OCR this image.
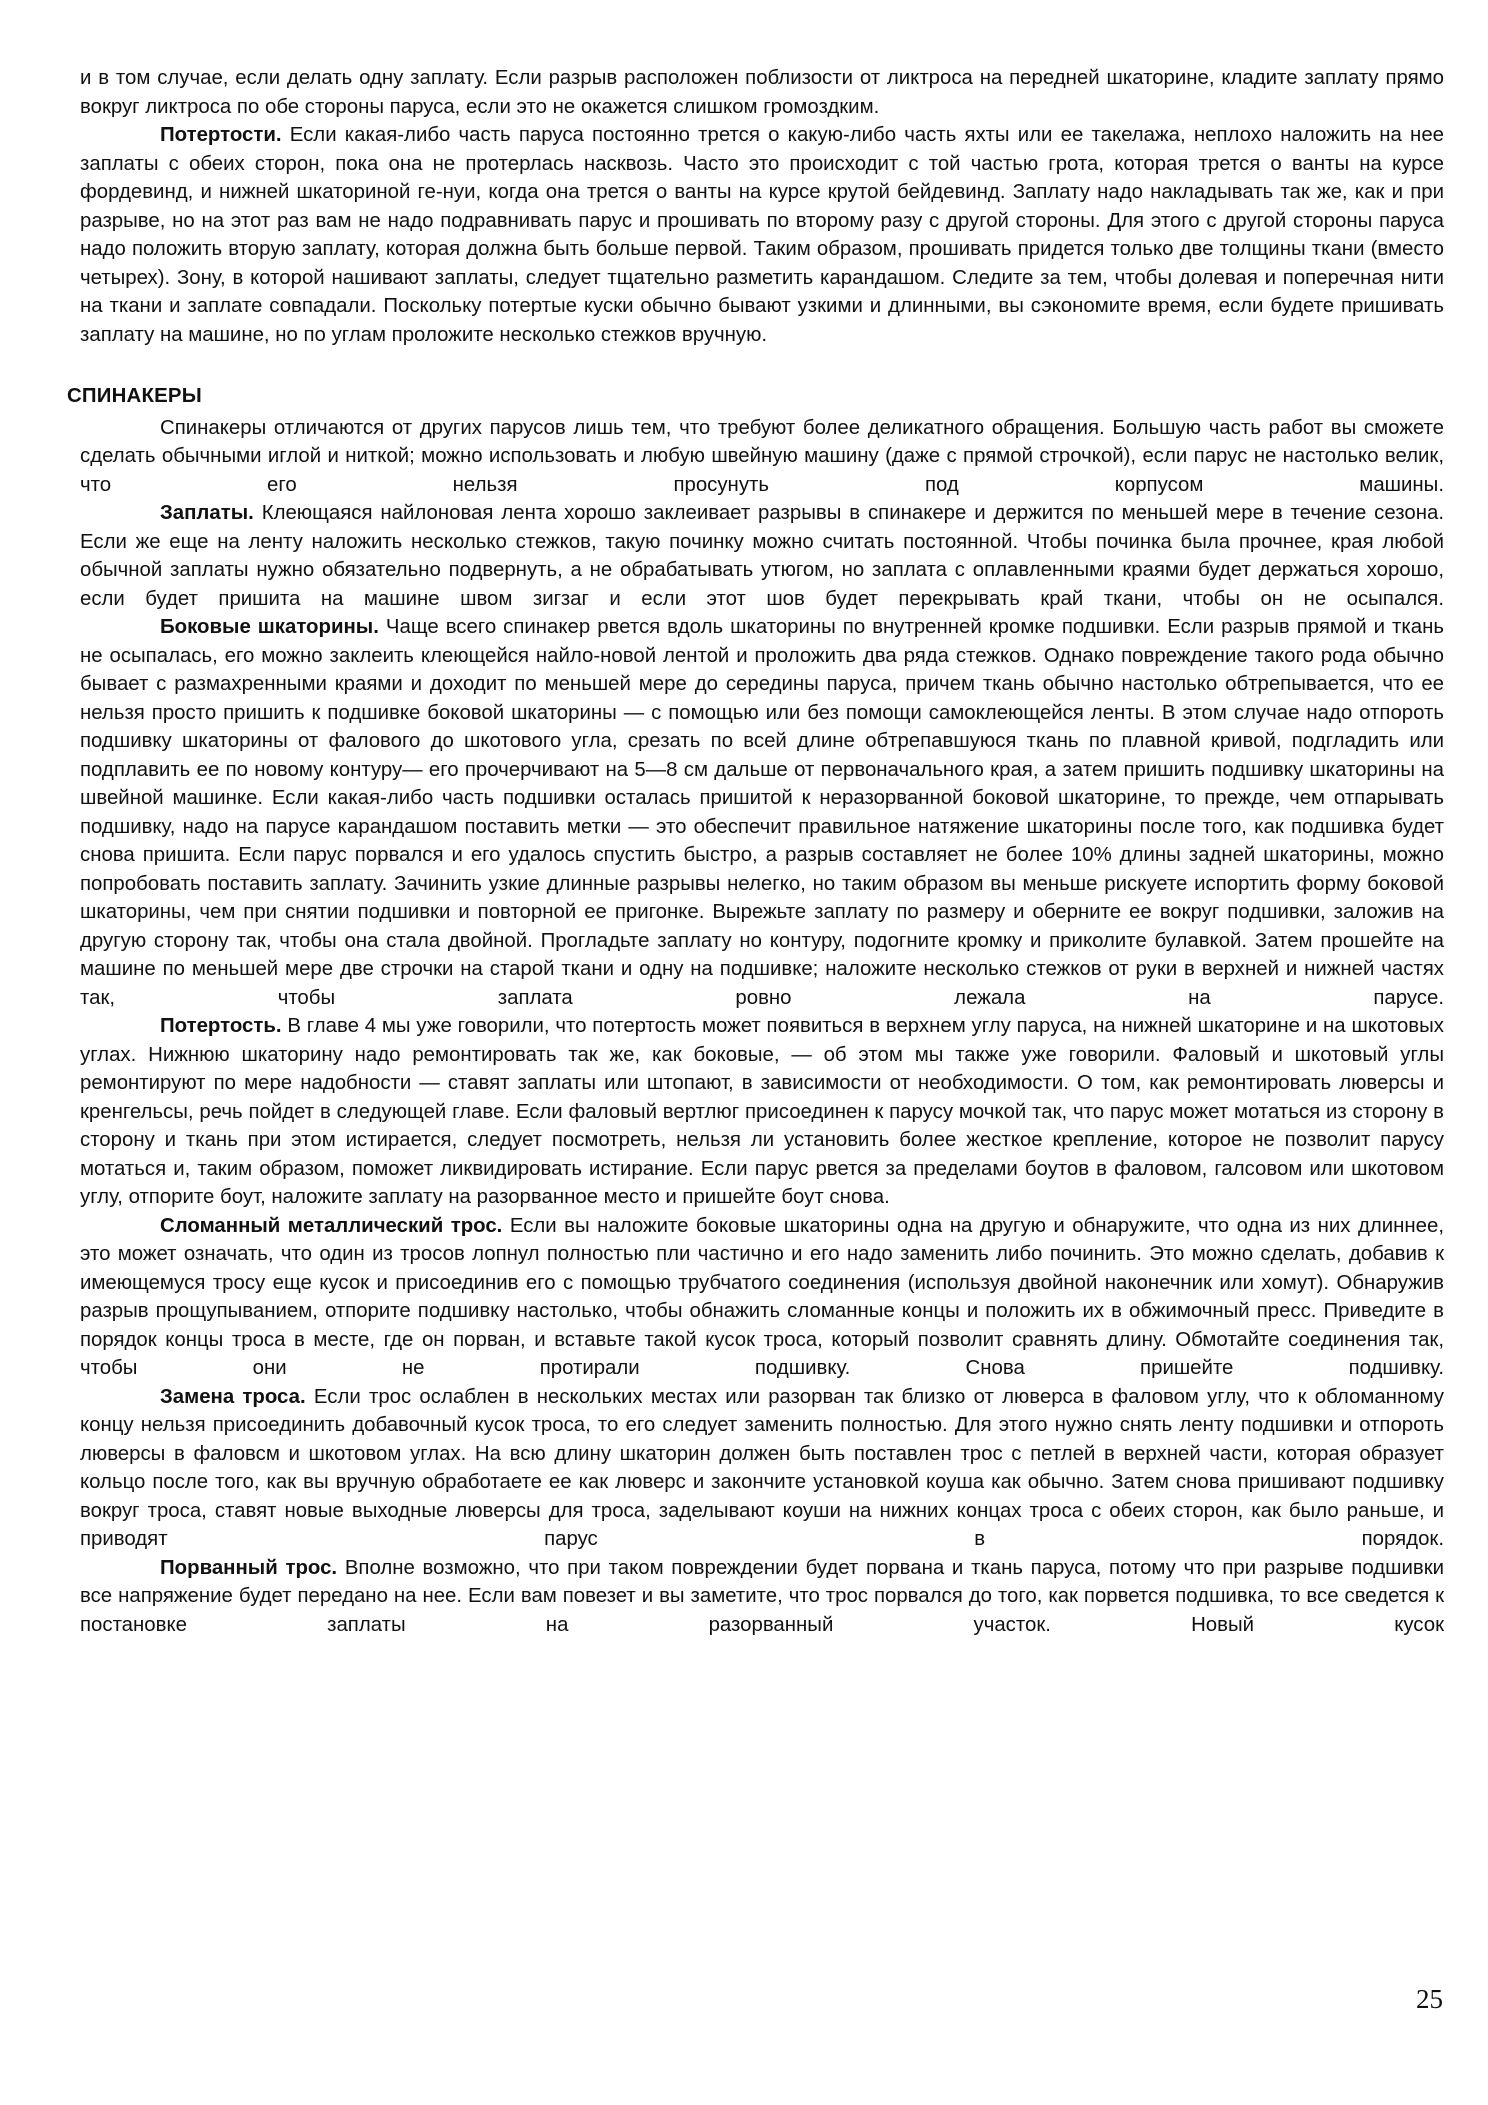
и в том случае, если делать одну заплату. Если разрыв расположен поблизости от ликтроса на передней шкаторине, кладите заплату прямо вокруг ликтроса по обе стороны паруса, если это не окажется слишком громоздким.

Потертости. Если какая-либо часть паруса постоянно трется о какую-либо часть яхты или ее такелажа, неплохо наложить на нее заплаты с обеих сторон, пока она не протерлась насквозь. Часто это происходит с той частью грота, которая трется о ванты на курсе фордевинд, и нижней шкаториной ге-нуи, когда она трется о ванты на курсе крутой бейдевинд. Заплату надо накладывать так же, как и при разрыве, но на этот раз вам не надо подравнивать парус и прошивать по второму разу с другой стороны. Для этого с другой стороны паруса надо положить вторую заплату, которая должна быть больше первой. Таким образом, прошивать придется только две толщины ткани (вместо четырех). Зону, в которой нашивают заплаты, следует тщательно разметить карандашом. Следите за тем, чтобы долевая и поперечная нити на ткани и заплате совпадали. Поскольку потертые куски обычно бывают узкими и длинными, вы сэкономите время, если будете пришивать заплату на машине, но по углам проложите несколько стежков вручную.

СПИНАКЕРЫ

Спинакеры отличаются от других парусов лишь тем, что требуют более деликатного обращения. Большую часть работ вы сможете сделать обычными иглой и ниткой; можно использовать и любую швейную машину (даже с прямой строчкой), если парус не настолько велик, что его нельзя просунуть под корпусом машины.

Заплаты. Клеющаяся найлоновая лента хорошо заклеивает разрывы в спинакере и держится по меньшей мере в течение сезона. Если же еще на ленту наложить несколько стежков, такую починку можно считать постоянной. Чтобы починка была прочнее, края любой обычной заплаты нужно обязательно подвернуть, а не обрабатывать утюгом, но заплата с оплавленными краями будет держаться хорошо, если будет пришита на машине швом зигзаг и если этот шов будет перекрывать край ткани, чтобы он не осыпался.

Боковые шкаторины. Чаще всего спинакер рвется вдоль шкаторины по внутренней кромке подшивки. Если разрыв прямой и ткань не осыпалась, его можно заклеить клеющейся найло-новой лентой и проложить два ряда стежков. Однако повреждение такого рода обычно бывает с размахренными краями и доходит по меньшей мере до середины паруса, причем ткань обычно настолько обтрепывается, что ее нельзя просто пришить к подшивке боковой шкаторины — с помощью или без помощи самоклеющейся ленты. В этом случае надо отпороть подшивку шкаторины от фалового до шкотового угла, срезать по всей длине обтрепавшуюся ткань по плавной кривой, подгладить или подплавить ее по новому контуру— его прочерчивают на 5—8 см дальше от первоначального края, а затем пришить подшивку шкаторины на швейной машинке. Если какая-либо часть подшивки осталась пришитой к неразорванной боковой шкаторине, то прежде, чем отпарывать подшивку, надо на парусе карандашом поставить метки — это обеспечит правильное натяжение шкаторины после того, как подшивка будет снова пришита. Если парус порвался и его удалось спустить быстро, а разрыв составляет не более 10% длины задней шкаторины, можно попробовать поставить заплату. Зачинить узкие длинные разрывы нелегко, но таким образом вы меньше рискуете испортить форму боковой шкаторины, чем при снятии подшивки и повторной ее пригонке. Вырежьте заплату по размеру и оберните ее вокруг подшивки, заложив на другую сторону так, чтобы она стала двойной. Прогладьте заплату но контуру, подогните кромку и приколите булавкой. Затем прошейте на машине по меньшей мере две строчки на старой ткани и одну на подшивке; наложите несколько стежков от руки в верхней и нижней частях так, чтобы заплата ровно лежала на парусе.

Потертость. В главе 4 мы уже говорили, что потертость может появиться в верхнем углу паруса, на нижней шкаторине и на шкотовых углах. Нижнюю шкаторину надо ремонтировать так же, как боковые, — об этом мы также уже говорили. Фаловый и шкотовый углы ремонтируют по мере надобности — ставят заплаты или штопают, в зависимости от необходимости. О том, как ремонтировать люверсы и кренгельсы, речь пойдет в следующей главе. Если фаловый вертлюг присоединен к парусу мочкой так, что парус может мотаться из сторону в сторону и ткань при этом истирается, следует посмотреть, нельзя ли установить более жесткое крепление, которое не позволит парусу мотаться и, таким образом, поможет ликвидировать истирание. Если парус рвется за пределами боутов в фаловом, галсовом или шкотовом углу, отпорите боут, наложите заплату на разорванное место и пришейте боут снова.

Сломанный металлический трос. Если вы наложите боковые шкаторины одна на другую и обнаружите, что одна из них длиннее, это может означать, что один из тросов лопнул полностью пли частично и его надо заменить либо починить. Это можно сделать, добавив к имеющемуся тросу еще кусок и присоединив его с помощью трубчатого соединения (используя двойной наконечник или хомут). Обнаружив разрыв прощупыванием, отпорите подшивку настолько, чтобы обнажить сломанные концы и положить их в обжимочный пресс. Приведите в порядок концы троса в месте, где он порван, и вставьте такой кусок троса, который позволит сравнять длину. Обмотайте соединения так, чтобы они не протирали подшивку. Снова пришейте подшивку.

Замена троса. Если трос ослаблен в нескольких местах или разорван так близко от люверса в фаловом углу, что к обломанному концу нельзя присоединить добавочный кусок троса, то его следует заменить полностью. Для этого нужно снять ленту подшивки и отпороть люверсы в фаловсм и шкотовом углах. На всю длину шкаторин должен быть поставлен трос с петлей в верхней части, которая образует кольцо после того, как вы вручную обработаете ее как люверс и закончите установкой коуша как обычно. Затем снова пришивают подшивку вокруг троса, ставят новые выходные люверсы для троса, заделывают коуши на нижних концах троса с обеих сторон, как было раньше, и приводят парус в порядок.

Порванный трос. Вполне возможно, что при таком повреждении будет порвана и ткань паруса, потому что при разрыве подшивки все напряжение будет передано на нее. Если вам повезет и вы заметите, что трос порвался до того, как порвется подшивка, то все сведется к постановке заплаты на разорванный участок. Новый кусок

25
